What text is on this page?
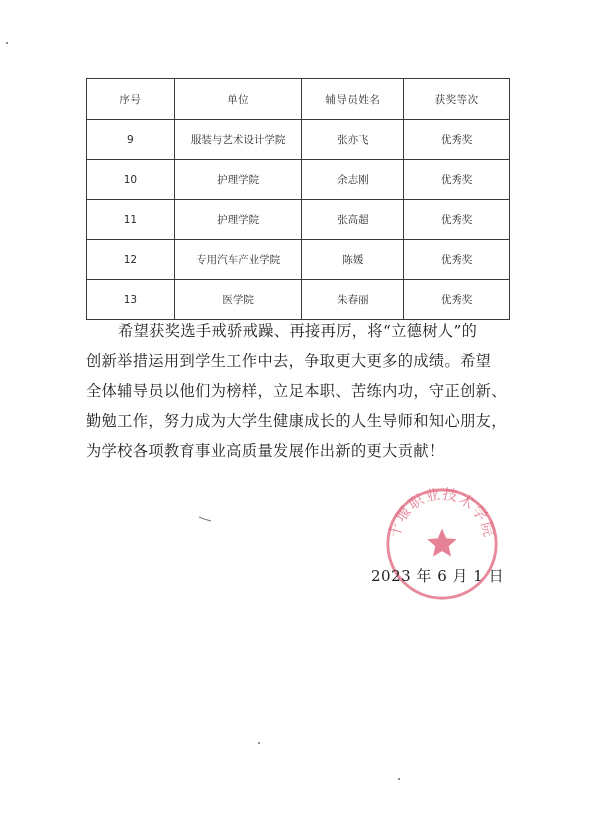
序号	单位	辅导员姓名	获奖等次
9	服装与艺术设计学院	张亦飞	优秀奖
10	护理学院	余志刚	优秀奖
11	护理学院	张高超	优秀奖
12	专用汽车产业学院	陈媛	优秀奖
13	医学院	朱春丽	优秀奖

希望获奖选手戒骄戒躁、再接再厉，将“立德树人”的

创新举措运用到学生工作中去，争取更大更多的成绩。希望

全体辅导员以他们为榜样，立足本职、苦练内功，守正创新、

勤勉工作，努力成为大学生健康成长的人生导师和知心朋友，

为学校各项教育事业高质量发展作出新的更大贡献！

十堰职业技术学院
2023 年 6 月 1 日
